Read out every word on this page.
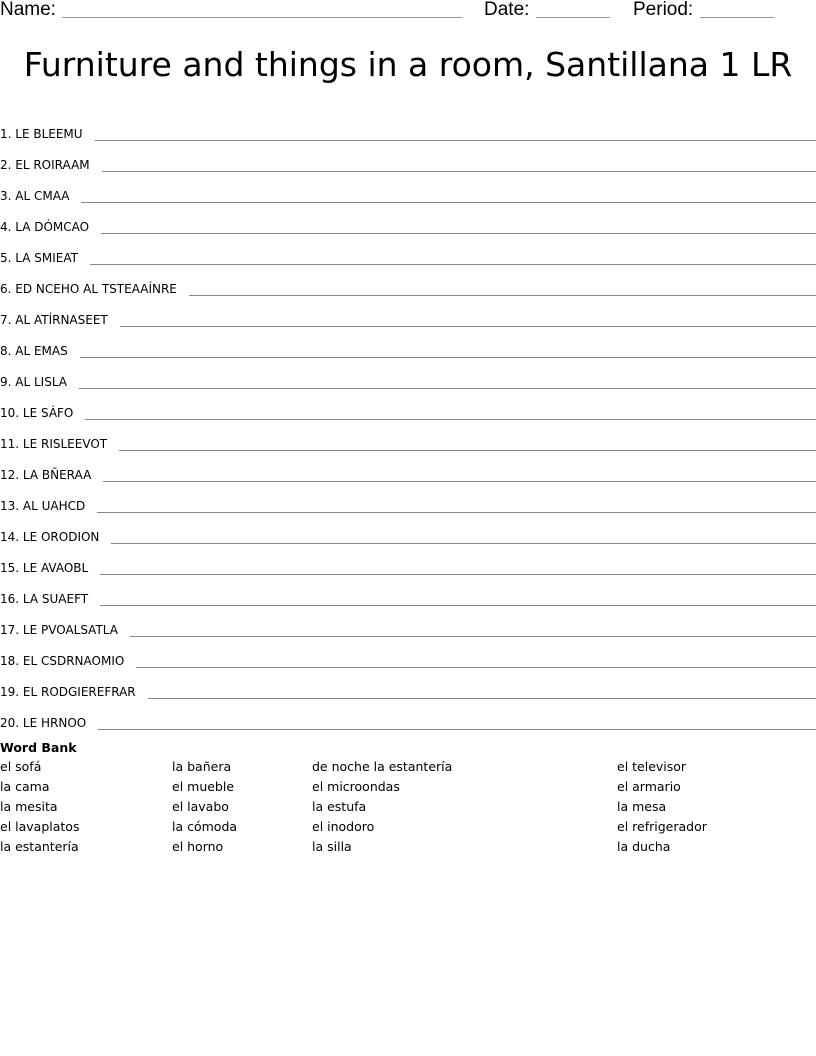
Name:	Date:	Period:
Furniture and things in a room, Santillana 1 LR
1. LE BLEEMU
2. EL ROIRAAM
3. AL CMAA
4. LA DÓMCAO
5. LA SMIEAT
6. ED NCEHO AL TSTEAAÍNRE
7. AL ATÍRNASEET
8. AL EMAS
9. AL LISLA
10. LE SÁFO
11. LE RISLEEVOT
12. LA BÑERAA
13. AL UAHCD
14. LE ORODION
15. LE AVAOBL
16. LA SUAEFT
17. LE PVOALSATLA
18. EL CSDRNAOMIO
19. EL RODGIEREFRAR
20. LE HRNOO
Word Bank
el sofá
la cama
la mesita
el lavaplatos
la estantería
la bañera
el mueble
el lavabo
la cómoda
el horno
de noche la estantería
el microondas
la estufa
el inodoro
la silla
el televisor
el armario
la mesa
el refrigerador
la ducha
